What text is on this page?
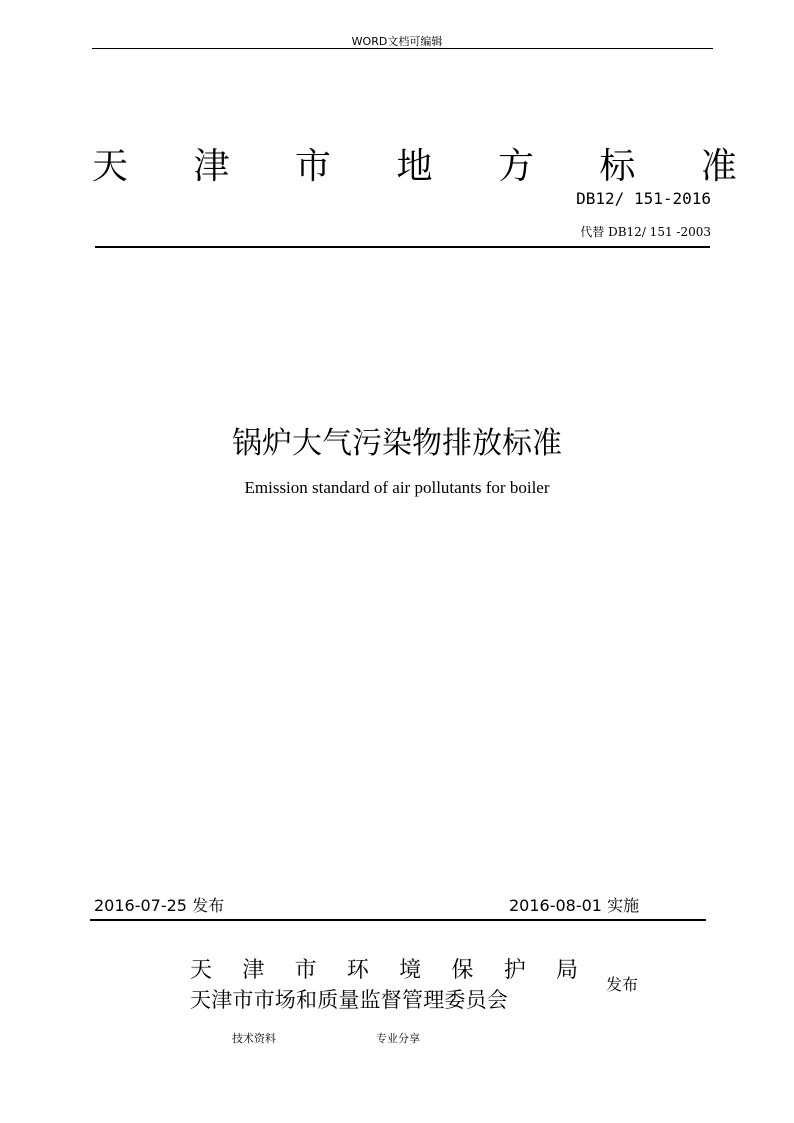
WORD文档可编辑
天 津 市 地 方 标 准
DB12/ 151-2016
代替 DB12/ 151 -2003
锅炉大气污染物排放标准
Emission standard of air pollutants for boiler
2016-07-25 发布	2016-08-01 实施
天 津 市 环 境 保 护 局
天津市市场和质量监督管理委员会
发布
技术资料	专业分享
